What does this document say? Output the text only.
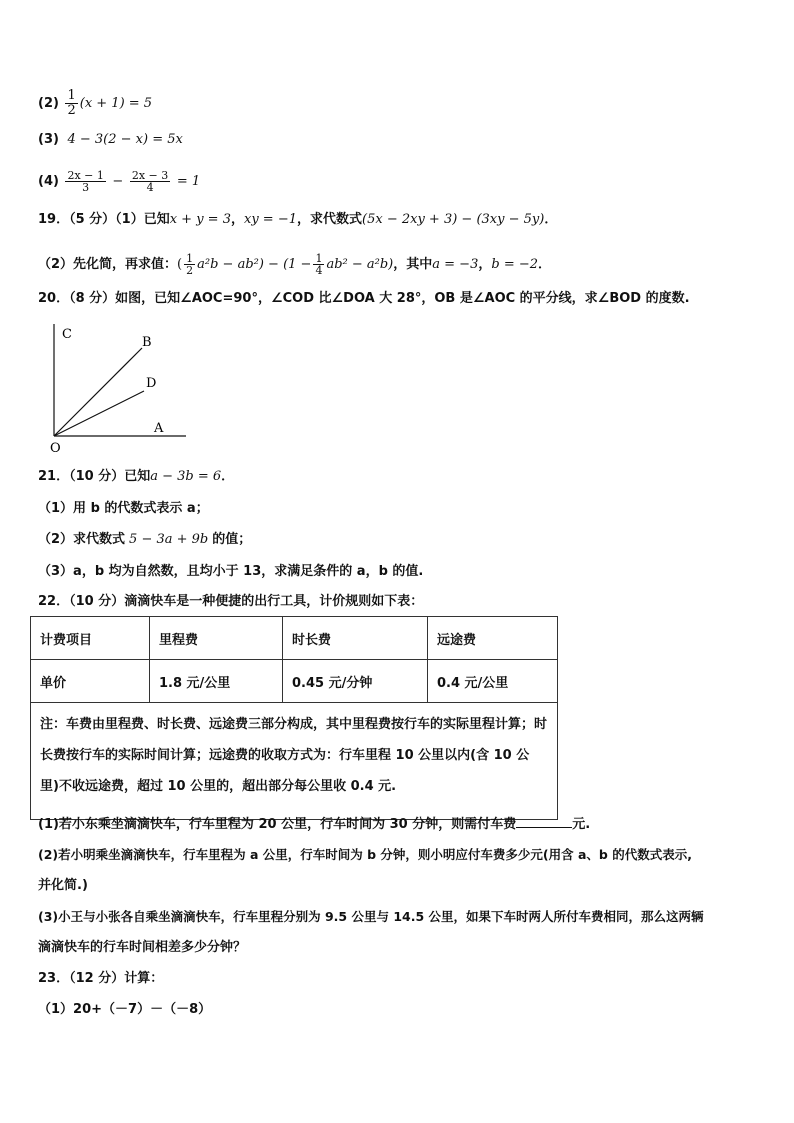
$(2) \frac{1}{2} (x + 1) = 5$
(3) 4 − 3(2 − x) = 5x
$(4) \frac{2x - 1}{3} - \frac{2x - 3}{4} = 1$
19．（5 分）（1）已知x + y = 3，xy = −1，求代数式(5x − 2xy + 3) − (3xy − 5y)．
（2）先化简，再求值：( $\frac{1}{2} a^2b - ab^2) - (1 - \frac{1}{4} ab^2 - a^2b)$，其中a = −3，b = −2．
20．（8 分）如图，已知∠AOC=90°，∠COD 比∠DOA 大 28°，OB 是∠AOC 的平分线，求∠BOD 的度数.
C
B
D
A
O
21．（10 分）已知a − 3b = 6．
（1）用 b 的代数式表示 a；
（2）求代数式 5 − 3a + 9b 的值；
（3）a，b 均为自然数，且均小于 13，求满足条件的 a，b 的值.
22．（10 分）滴滴快车是一种便捷的出行工具，计价规则如下表：
计费项目	里程费	时长费	远途费
单价	1.8 元/公里	0.45 元/分钟	0.4 元/公里
注：车费由里程费、时长费、远途费三部分构成，其中里程费按行车的实际里程计算；时长费按行车的实际时间计算；远途费的收取方式为：行车里程 10 公里以内(含 10 公里)不收远途费，超过 10 公里的，超出部分每公里收 0.4 元.			
(1)若小东乘坐滴滴快车，行车里程为 20 公里，行车时间为 30 分钟，则需付车费	元.
(2)若小明乘坐滴滴快车，行车里程为 a 公里，行车时间为 b 分钟，则小明应付车费多少元(用含 a、b 的代数式表示,
并化简.)
(3)小王与小张各自乘坐滴滴快车，行车里程分别为 9.5 公里与 14.5 公里，如果下车时两人所付车费相同，那么这两辆
滴滴快车的行车时间相差多少分钟？
23．（12 分）计算：
（1）20+（－7）－（－8）
